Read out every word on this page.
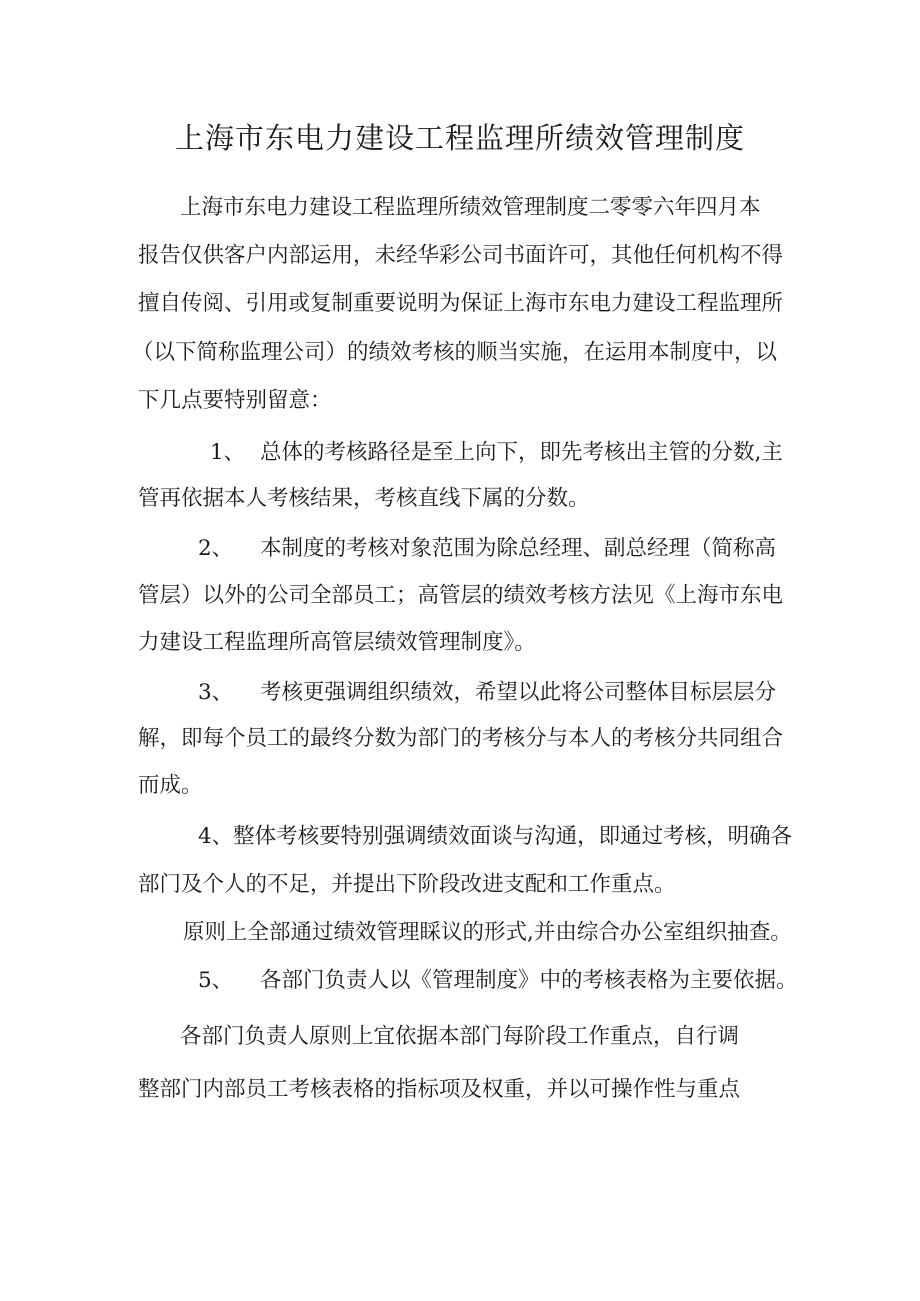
上海市东电力建设工程监理所绩效管理制度
上海市东电力建设工程监理所绩效管理制度二零零六年四月本
报告仅供客户内部运用，未经华彩公司书面许可，其他任何机构不得
擅自传阅、引用或复制重要说明为保证上海市东电力建设工程监理所
（以下简称监理公司）的绩效考核的顺当实施，在运用本制度中，以
下几点要特别留意：
1、 总体的考核路径是至上向下，即先考核出主管的分数,主
管再依据本人考核结果，考核直线下属的分数。
2、 本制度的考核对象范围为除总经理、副总经理（简称高
管层）以外的公司全部员工；高管层的绩效考核方法见《上海市东电
力建设工程监理所高管层绩效管理制度》。
3、 考核更强调组织绩效，希望以此将公司整体目标层层分
解，即每个员工的最终分数为部门的考核分与本人的考核分共同组合
而成。
4、整体考核要特别强调绩效面谈与沟通，即通过考核，明确各
部门及个人的不足，并提出下阶段改进支配和工作重点。
原则上全部通过绩效管理睬议的形式,并由综合办公室组织抽查。
5、 各部门负责人以《管理制度》中的考核表格为主要依据。
各部门负责人原则上宜依据本部门每阶段工作重点，自行调
整部门内部员工考核表格的指标项及权重，并以可操作性与重点
